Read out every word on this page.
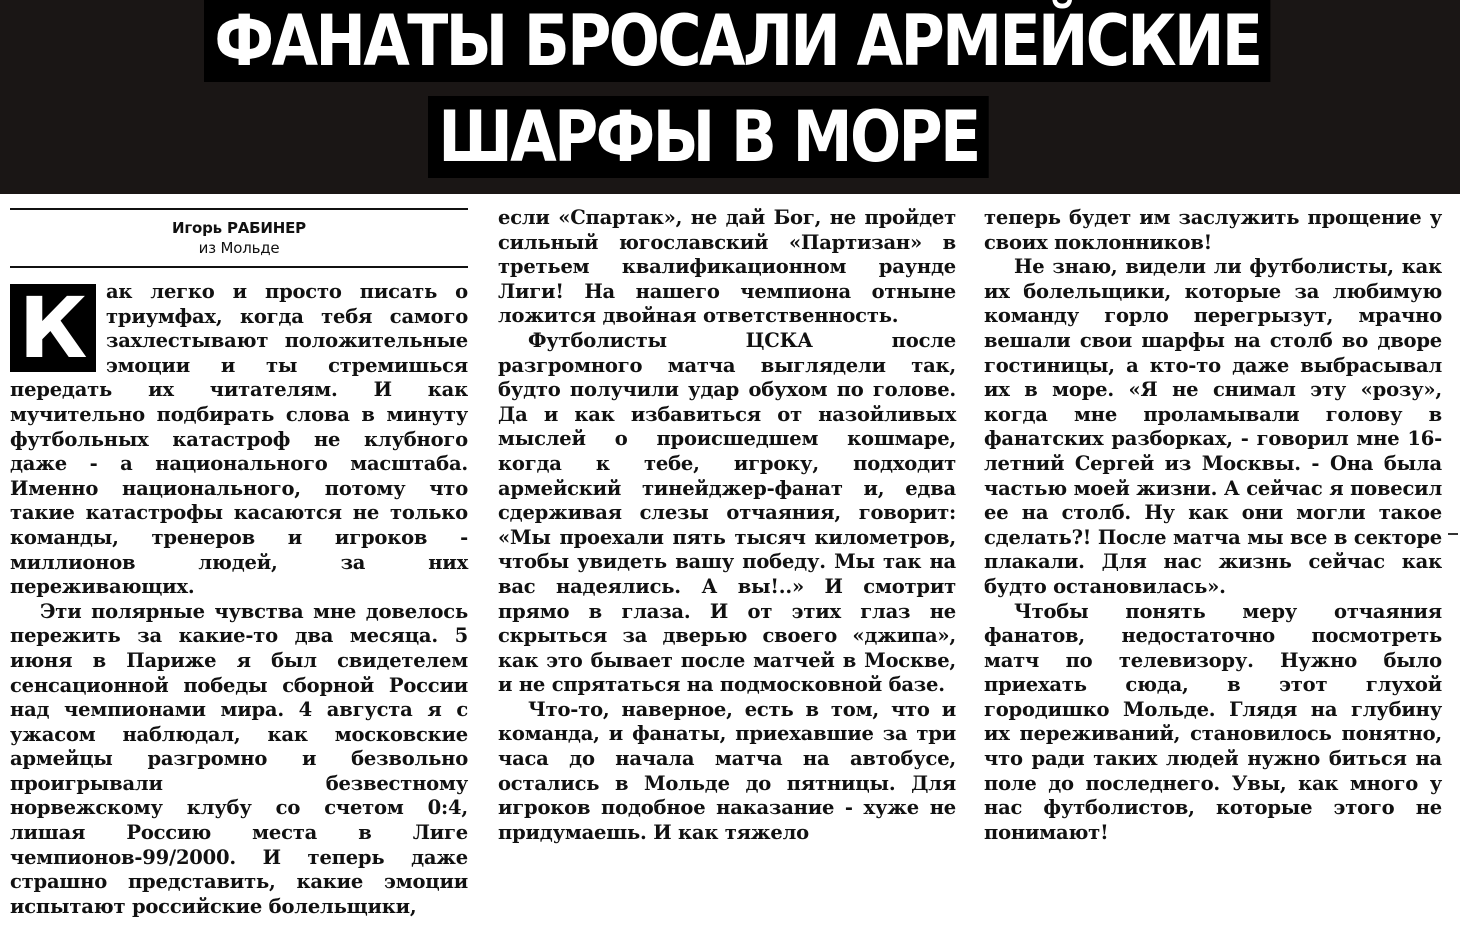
ФАНАТЫ БРОСАЛИ АРМЕЙСКИЕ
ШАРФЫ В МОРЕ
Игорь РАБИНЕР
из Мольде

К ак легко и просто писать о триумфах, когда тебя самого захлестывают положительные эмоции и ты стремишься передать их читателям. И как мучительно подбирать слова в минуту футбольных катастроф не клубного даже - а национального масштаба. Именно национального, потому что такие катастрофы касаются не только команды, тренеров и игроков - миллионов людей, за них переживающих.

Эти полярные чувства мне довелось пережить за какие-то два месяца. 5 июня в Париже я был свидетелем сенсационной победы сборной России над чемпионами мира. 4 августа я с ужасом наблюдал, как московские армейцы разгромно и безвольно проигрывали безвестному норвежскому клубу со счетом 0:4, лишая Россию места в Лиге чемпионов-99/2000. И теперь даже страшно представить, какие эмоции испытают российские болельщики,

если «Спартак», не дай Бог, не пройдет сильный югославский «Партизан» в третьем квалификационном раунде Лиги! На нашего чемпиона отныне ложится двойная ответственность.

Футболисты ЦСКА после разгромного матча выглядели так, будто получили удар обухом по голове. Да и как избавиться от назойливых мыслей о происшедшем кошмаре, когда к тебе, игроку, подходит армейский тинейджер-фанат и, едва сдерживая слезы отчаяния, говорит: «Мы проехали пять тысяч километров, чтобы увидеть вашу победу. Мы так на вас надеялись. А вы!..» И смотрит прямо в глаза. И от этих глаз не скрыться за дверью своего «джипа», как это бывает после матчей в Москве, и не спрятаться на подмосковной базе.

Что-то, наверное, есть в том, что и команда, и фанаты, приехавшие за три часа до начала матча на автобусе, остались в Мольде до пятницы. Для игроков подобное наказание - хуже не придумаешь. И как тяжело

теперь будет им заслужить прощение у своих поклонников!

Не знаю, видели ли футболисты, как их болельщики, которые за любимую команду горло перегрызут, мрачно вешали свои шарфы на столб во дворе гостиницы, а кто-то даже выбрасывал их в море. «Я не снимал эту «розу», когда мне проламывали голову в фанатских разборках, - говорил мне 16-летний Сергей из Москвы. - Она была частью моей жизни. А сейчас я повесил ее на столб. Ну как они могли такое сделать?! После матча мы все в секторе плакали. Для нас жизнь сейчас как будто остановилась».

Чтобы понять меру отчаяния фанатов, недостаточно посмотреть матч по телевизору. Нужно было приехать сюда, в этот глухой городишко Мольде. Глядя на глубину их переживаний, становилось понятно, что ради таких людей нужно биться на поле до последнего. Увы, как много у нас футболистов, которые этого не понимают!
